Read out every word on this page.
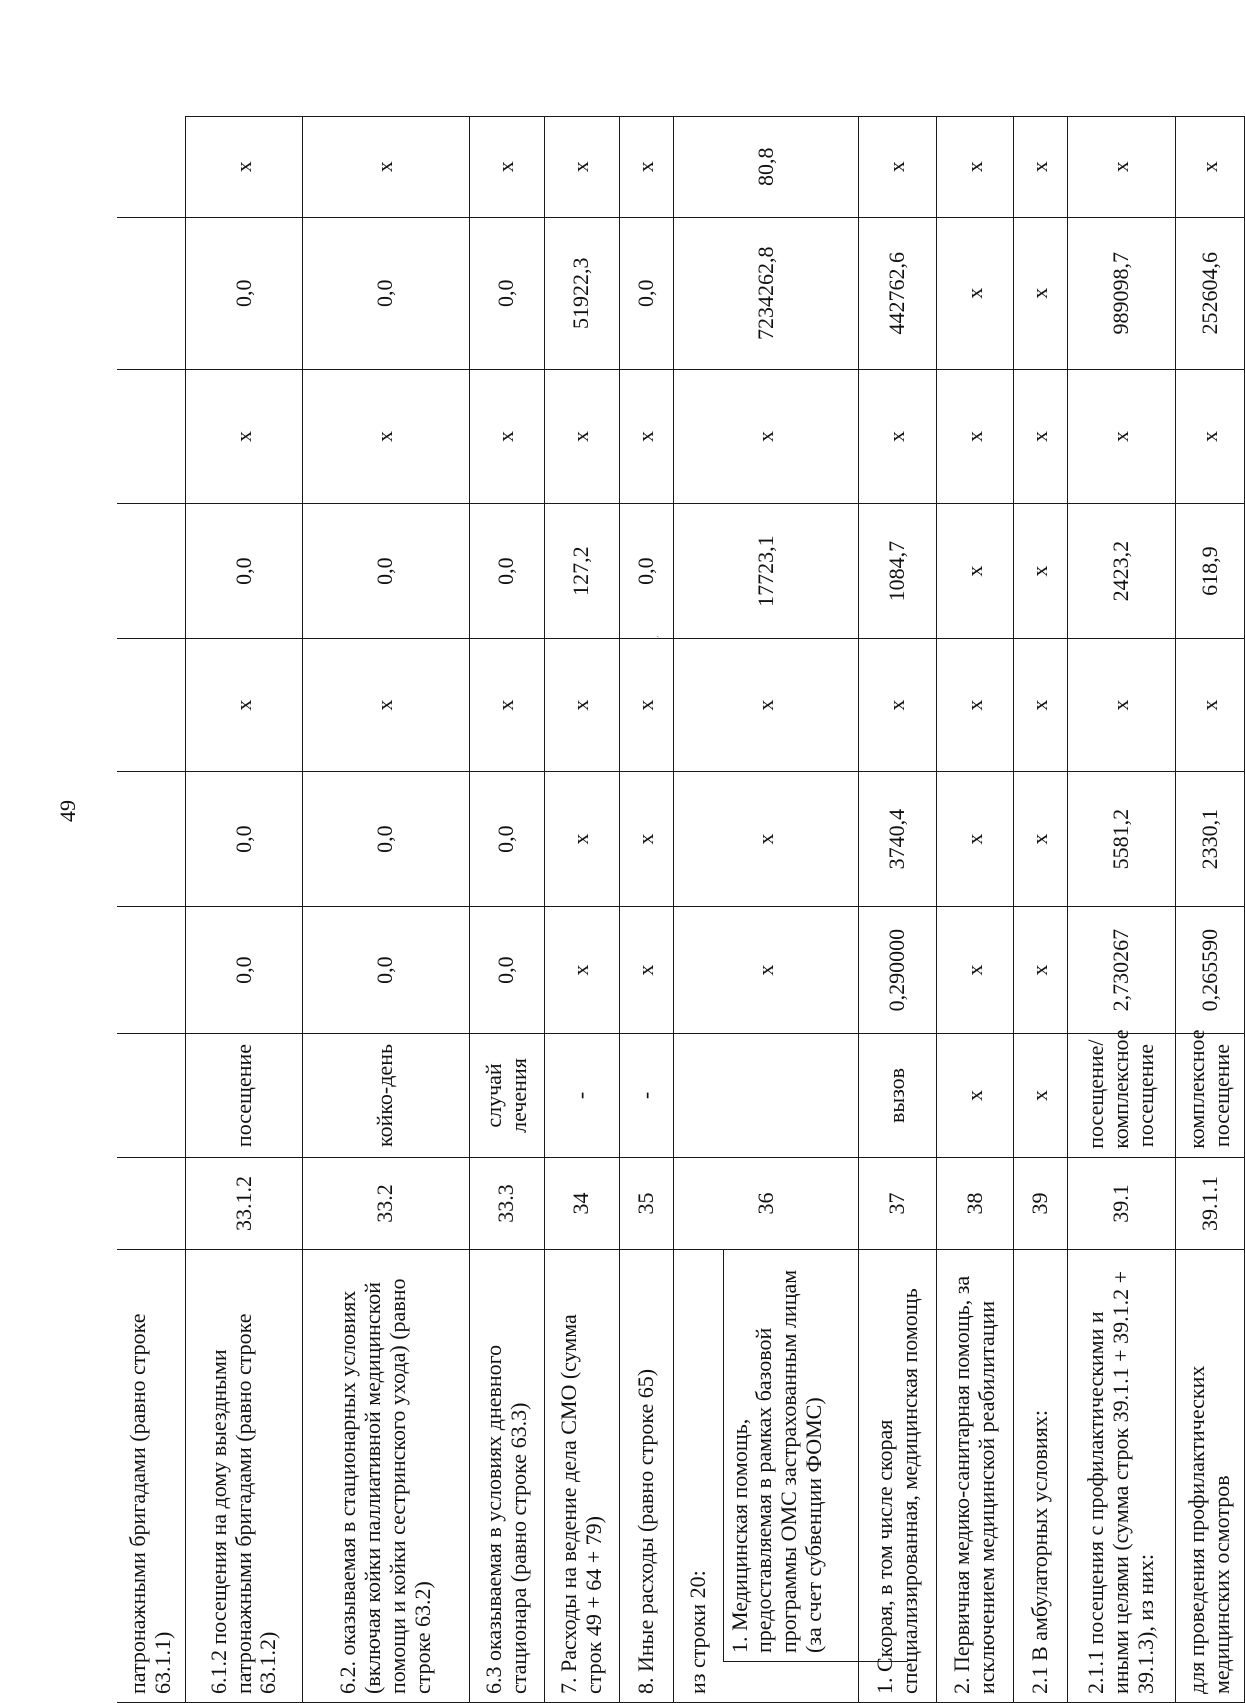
49
ˏ
патронажными бригадами (равно строке 63.1.1)									
6.1.2 посещения на дому выездными патронажными бригадами (равно строке 63.1.2)	33.1.2	посещение	0,0	0,0	х	0,0	х	0,0	х
6.2. оказываемая в стационарных условиях (включая койки паллиативной медицинской помощи и койки сестринского ухода) (равно строке 63.2)	33.2	койко-день	0,0	0,0	х	0,0	х	0,0	х
6.3 оказываемая в условиях дневного стационара (равно строке 63.3)	33.3	случай лечения	0,0	0,0	х	0,0	х	0,0	х
7. Расходы на ведение дела СМО (сумма строк 49 + 64 + 79)	34	-	х	х	х	127,2	х	51922,3	х
8. Иные расходы (равно строке 65)	35	-	х	х	х	0,0	х	0,0	х

из строки 20: 1. Медицинская помощь, предоставляемая в рамках базовой программы ОМС застрахованным лицам (за счет субвенции ФОМС)	36		х	х	х	17723,1	х	7234262,8	80,8
1. Скорая, в том числе скорая специализированная, медицинская помощь	37	вызов	0,290000	3740,4	х	1084,7	х	442762,6	х
2. Первичная медико-санитарная помощь, за исключением медицинской реабилитации	38	х	х	х	х	х	х	х	х
2.1 В амбулаторных условиях:	39	х	х	х	х	х	х	х	х
2.1.1 посещения с профилактическими и иными целями (сумма строк 39.1.1 + 39.1.2 + 39.1.3), из них:	39.1	посещение/комплексное посещение	2,730267	5581,2	х	2423,2	х	989098,7	х
для проведения профилактических медицинских осмотров	39.1.1	комплексное посещение	0,265590	2330,1	х	618,9	х	252604,6	х
